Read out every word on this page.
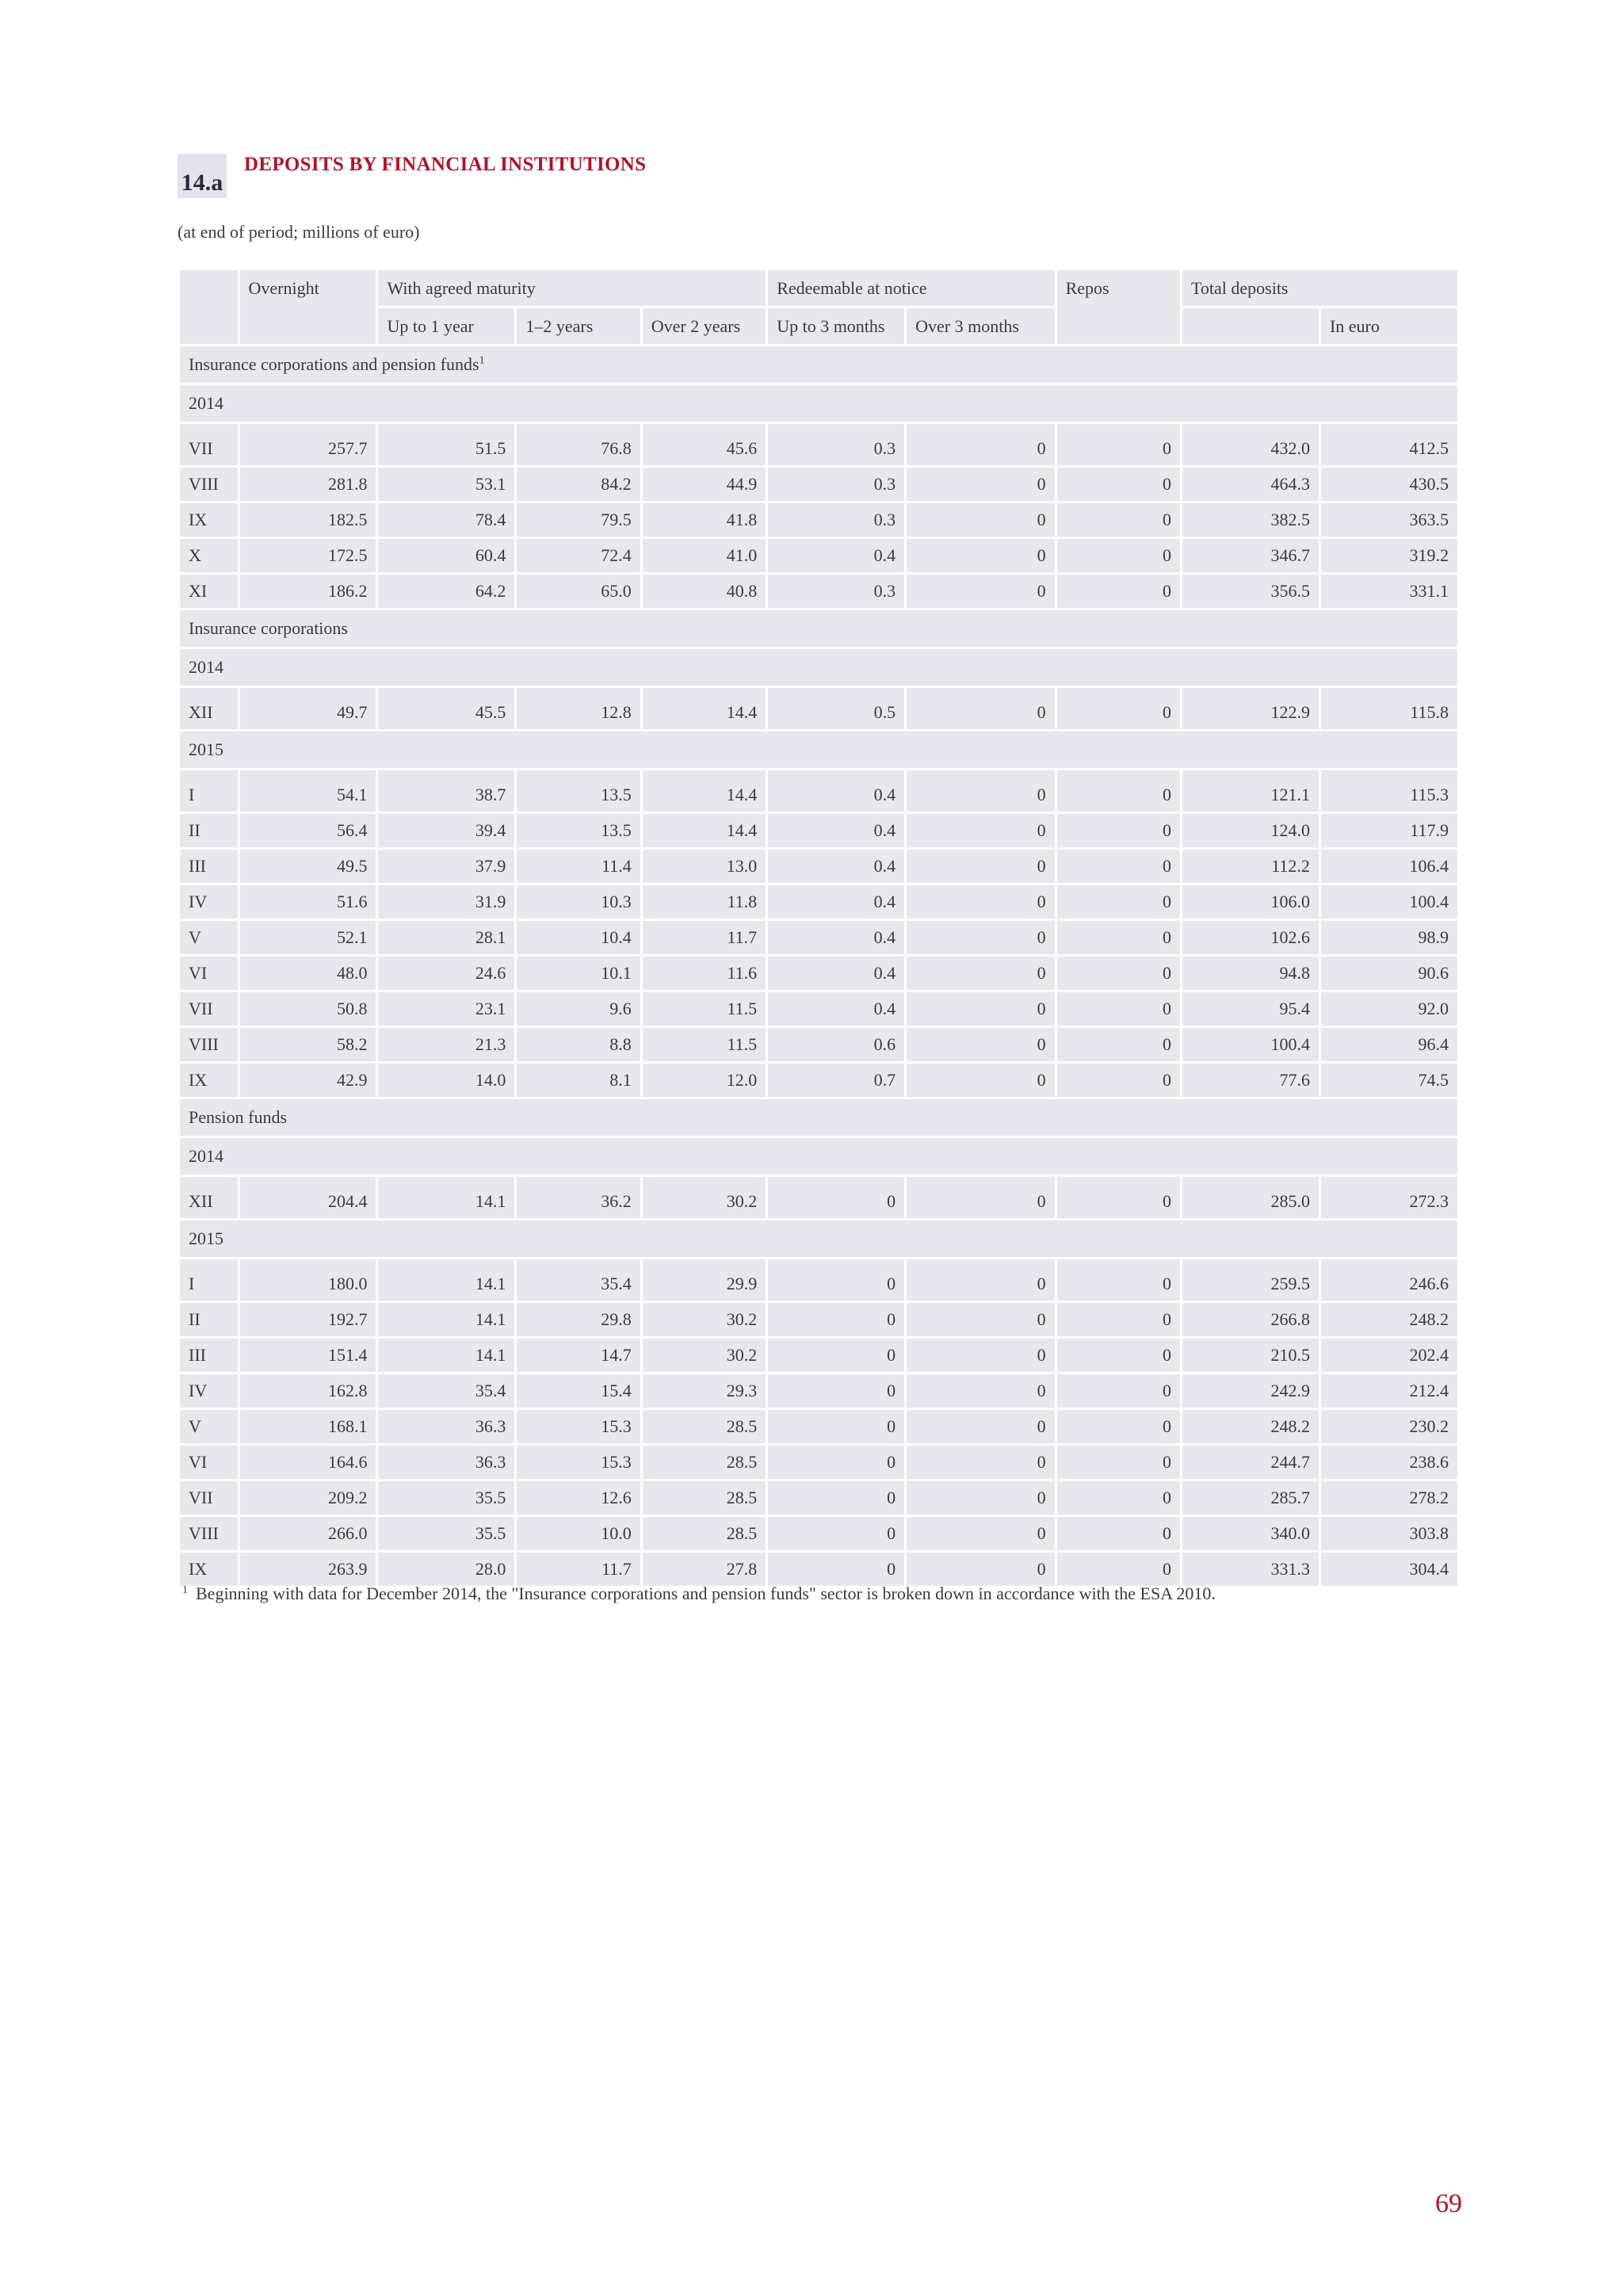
14.a
DEPOSITS BY FINANCIAL INSTITUTIONS
(at end of period; millions of euro)
	Overnight	With agreed maturity			Redeemable at notice		Repos	Total deposits	
		Up to 1 year	1–2 years	Over 2 years	Up to 3 months	Over 3 months			In euro
Insurance corporations and pension funds$^1$
2014									
VII	257.7	51.5	76.8	45.6	0.3	0	0	432.0	412.5
VIII	281.8	53.1	84.2	44.9	0.3	0	0	464.3	430.5
IX	182.5	78.4	79.5	41.8	0.3	0	0	382.5	363.5
X	172.5	60.4	72.4	41.0	0.4	0	0	346.7	319.2
XI	186.2	64.2	65.0	40.8	0.3	0	0	356.5	331.1
Insurance corporations									
2014									
XII	49.7	45.5	12.8	14.4	0.5	0	0	122.9	115.8
2015									
I	54.1	38.7	13.5	14.4	0.4	0	0	121.1	115.3
II	56.4	39.4	13.5	14.4	0.4	0	0	124.0	117.9
III	49.5	37.9	11.4	13.0	0.4	0	0	112.2	106.4
IV	51.6	31.9	10.3	11.8	0.4	0	0	106.0	100.4
V	52.1	28.1	10.4	11.7	0.4	0	0	102.6	98.9
VI	48.0	24.6	10.1	11.6	0.4	0	0	94.8	90.6
VII	50.8	23.1	9.6	11.5	0.4	0	0	95.4	92.0
VIII	58.2	21.3	8.8	11.5	0.6	0	0	100.4	96.4
IX	42.9	14.0	8.1	12.0	0.7	0	0	77.6	74.5
Pension funds									
2014									
XII	204.4	14.1	36.2	30.2	0	0	0	285.0	272.3
2015									
I	180.0	14.1	35.4	29.9	0	0	0	259.5	246.6
II	192.7	14.1	29.8	30.2	0	0	0	266.8	248.2
III	151.4	14.1	14.7	30.2	0	0	0	210.5	202.4
IV	162.8	35.4	15.4	29.3	0	0	0	242.9	212.4
V	168.1	36.3	15.3	28.5	0	0	0	248.2	230.2
VI	164.6	36.3	15.3	28.5	0	0	0	244.7	238.6
VII	209.2	35.5	12.6	28.5	0	0	0	285.7	278.2
VIII	266.0	35.5	10.0	28.5	0	0	0	340.0	303.8
IX	263.9	28.0	11.7	27.8	0	0	0	331.3	304.4
$^1$ Beginning with data for December 2014, the "Insurance corporations and pension funds" sector is broken down in accordance with the ESA 2010.
69
